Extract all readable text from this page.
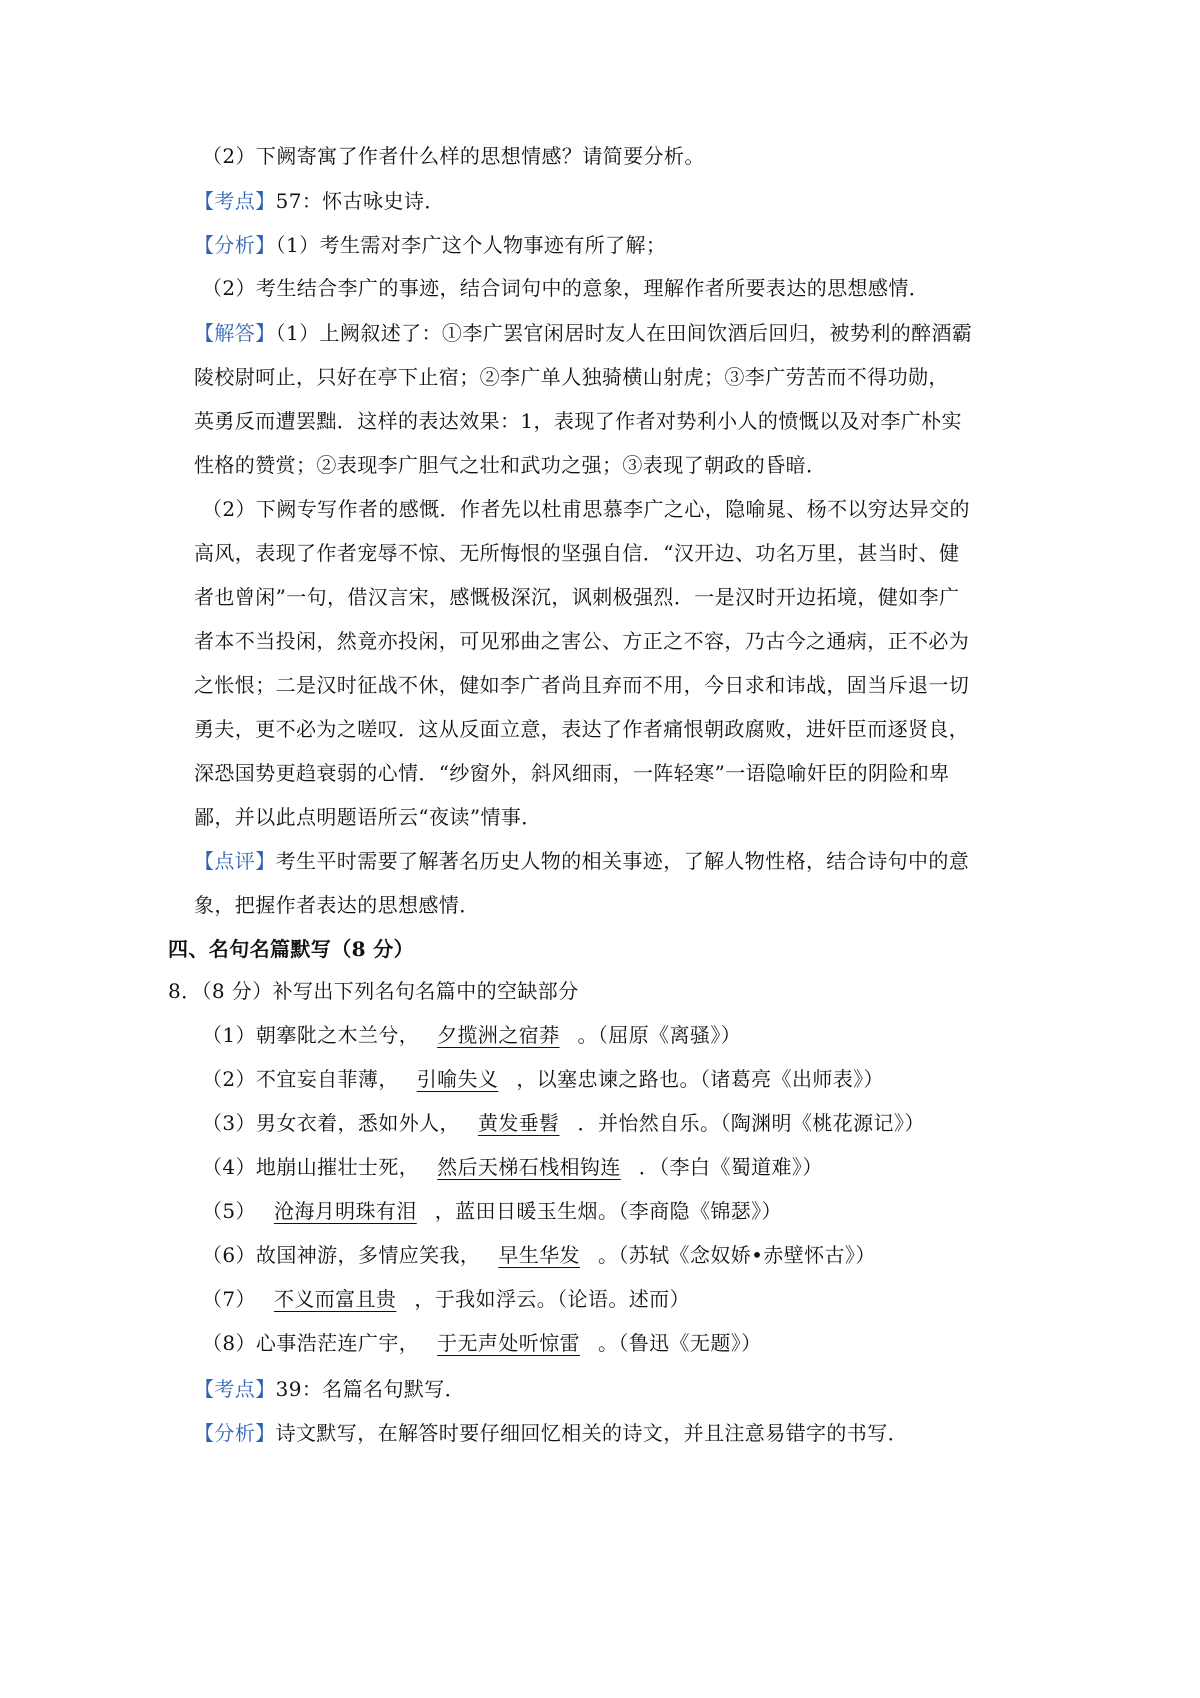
（2）下阙寄寓了作者什么样的思想情感？请简要分析。
【考点】57：怀古咏史诗．
【分析】（1）考生需对李广这个人物事迹有所了解；
（2）考生结合李广的事迹，结合词句中的意象，理解作者所要表达的思想感情．
【解答】（1）上阙叙述了：①李广罢官闲居时友人在田间饮酒后回归，被势利的醉酒霸
陵校尉呵止，只好在亭下止宿；②李广单人独骑横山射虎；③李广劳苦而不得功勋，
英勇反而遭罢黜．这样的表达效果：1，表现了作者对势利小人的愤慨以及对李广朴实
性格的赞赏；②表现李广胆气之壮和武功之强；③表现了朝政的昏暗．
（2）下阙专写作者的感慨．作者先以杜甫思慕李广之心，隐喻晁、杨不以穷达异交的
高风，表现了作者宠辱不惊、无所悔恨的坚强自信．“汉开边、功名万里，甚当时、健
者也曾闲”一句，借汉言宋，感慨极深沉，讽刺极强烈．一是汉时开边拓境，健如李广
者本不当投闲，然竟亦投闲，可见邪曲之害公、方正之不容，乃古今之通病，正不必为
之怅恨；二是汉时征战不休，健如李广者尚且弃而不用，今日求和讳战，固当斥退一切
勇夫，更不必为之嗟叹．这从反面立意，表达了作者痛恨朝政腐败，进奸臣而逐贤良，
深恐国势更趋衰弱的心情．“纱窗外，斜风细雨，一阵轻寒”一语隐喻奸臣的阴险和卑
鄙，并以此点明题语所云“夜读”情事．
【点评】考生平时需要了解著名历史人物的相关事迹，了解人物性格，结合诗句中的意
象，把握作者表达的思想感情．
四、名句名篇默写（8 分）
8．（8 分）补写出下列名句名篇中的空缺部分
（1）朝搴阰之木兰兮， 夕揽洲之宿莽 。（屈原《离骚》）
（2）不宜妄自菲薄， 引喻失义 ，以塞忠谏之路也。（诸葛亮《出师表》）
（3）男女衣着，悉如外人， 黄发垂髫 ．并怡然自乐。（陶渊明《桃花源记》）
（4）地崩山摧壮士死， 然后天梯石栈相钩连 ．（李白《蜀道难》）
（5） 沧海月明珠有泪 ，蓝田日暖玉生烟。（李商隐《锦瑟》）
（6）故国神游，多情应笑我， 早生华发 。（苏轼《念奴娇•赤壁怀古》）
（7） 不义而富且贵 ，于我如浮云。（论语。述而）
（8）心事浩茫连广宇， 于无声处听惊雷 。（鲁迅《无题》）
【考点】39：名篇名句默写．
【分析】诗文默写，在解答时要仔细回忆相关的诗文，并且注意易错字的书写．
